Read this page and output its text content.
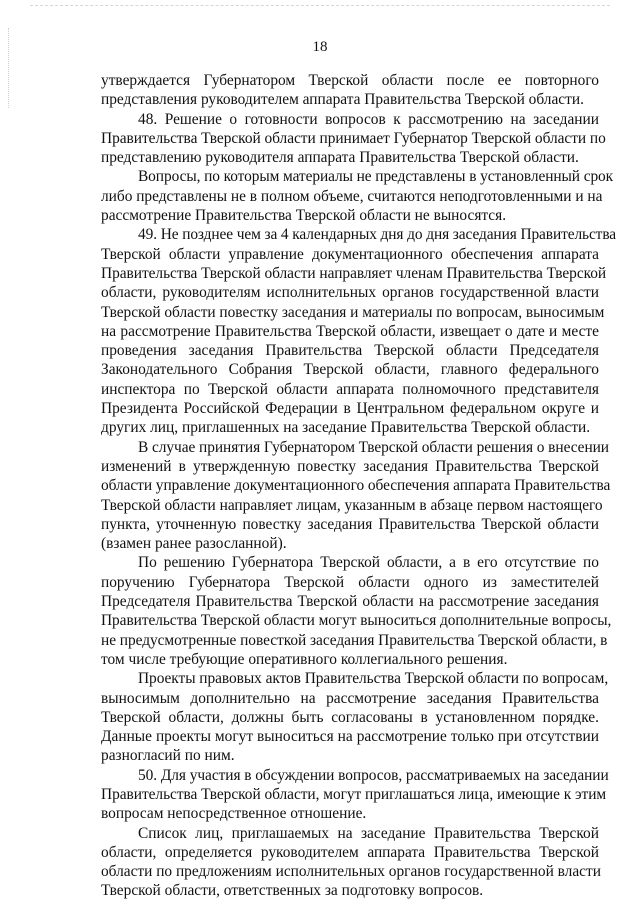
18
утверждается Губернатором Тверской области после ее повторного
представления руководителем аппарата Правительства Тверской области.
48. Решение о готовности вопросов к рассмотрению на заседании
Правительства Тверской области принимает Губернатор Тверской области по
представлению руководителя аппарата Правительства Тверской области.
Вопросы, по которым материалы не представлены в установленный срок
либо представлены не в полном объеме, считаются неподготовленными и на
рассмотрение Правительства Тверской области не выносятся.
49. Не позднее чем за 4 календарных дня до дня заседания Правительства
Тверской области управление документационного обеспечения аппарата
Правительства Тверской области направляет членам Правительства Тверской
области, руководителям исполнительных органов государственной власти
Тверской области повестку заседания и материалы по вопросам, выносимым
на рассмотрение Правительства Тверской области, извещает о дате и месте
проведения заседания Правительства Тверской области Председателя
Законодательного Собрания Тверской области, главного федерального
инспектора по Тверской области аппарата полномочного представителя
Президента Российской Федерации в Центральном федеральном округе и
других лиц, приглашенных на заседание Правительства Тверской области.
В случае принятия Губернатором Тверской области решения о внесении
изменений в утвержденную повестку заседания Правительства Тверской
области управление документационного обеспечения аппарата Правительства
Тверской области направляет лицам, указанным в абзаце первом настоящего
пункта, уточненную повестку заседания Правительства Тверской области
(взамен ранее разосланной).
По решению Губернатора Тверской области, а в его отсутствие по
поручению Губернатора Тверской области одного из заместителей
Председателя Правительства Тверской области на рассмотрение заседания
Правительства Тверской области могут выноситься дополнительные вопросы,
не предусмотренные повесткой заседания Правительства Тверской области, в
том числе требующие оперативного коллегиального решения.
Проекты правовых актов Правительства Тверской области по вопросам,
выносимым дополнительно на рассмотрение заседания Правительства
Тверской области, должны быть согласованы в установленном порядке.
Данные проекты могут выноситься на рассмотрение только при отсутствии
разногласий по ним.
50. Для участия в обсуждении вопросов, рассматриваемых на заседании
Правительства Тверской области, могут приглашаться лица, имеющие к этим
вопросам непосредственное отношение.
Список лиц, приглашаемых на заседание Правительства Тверской
области, определяется руководителем аппарата Правительства Тверской
области по предложениям исполнительных органов государственной власти
Тверской области, ответственных за подготовку вопросов.
